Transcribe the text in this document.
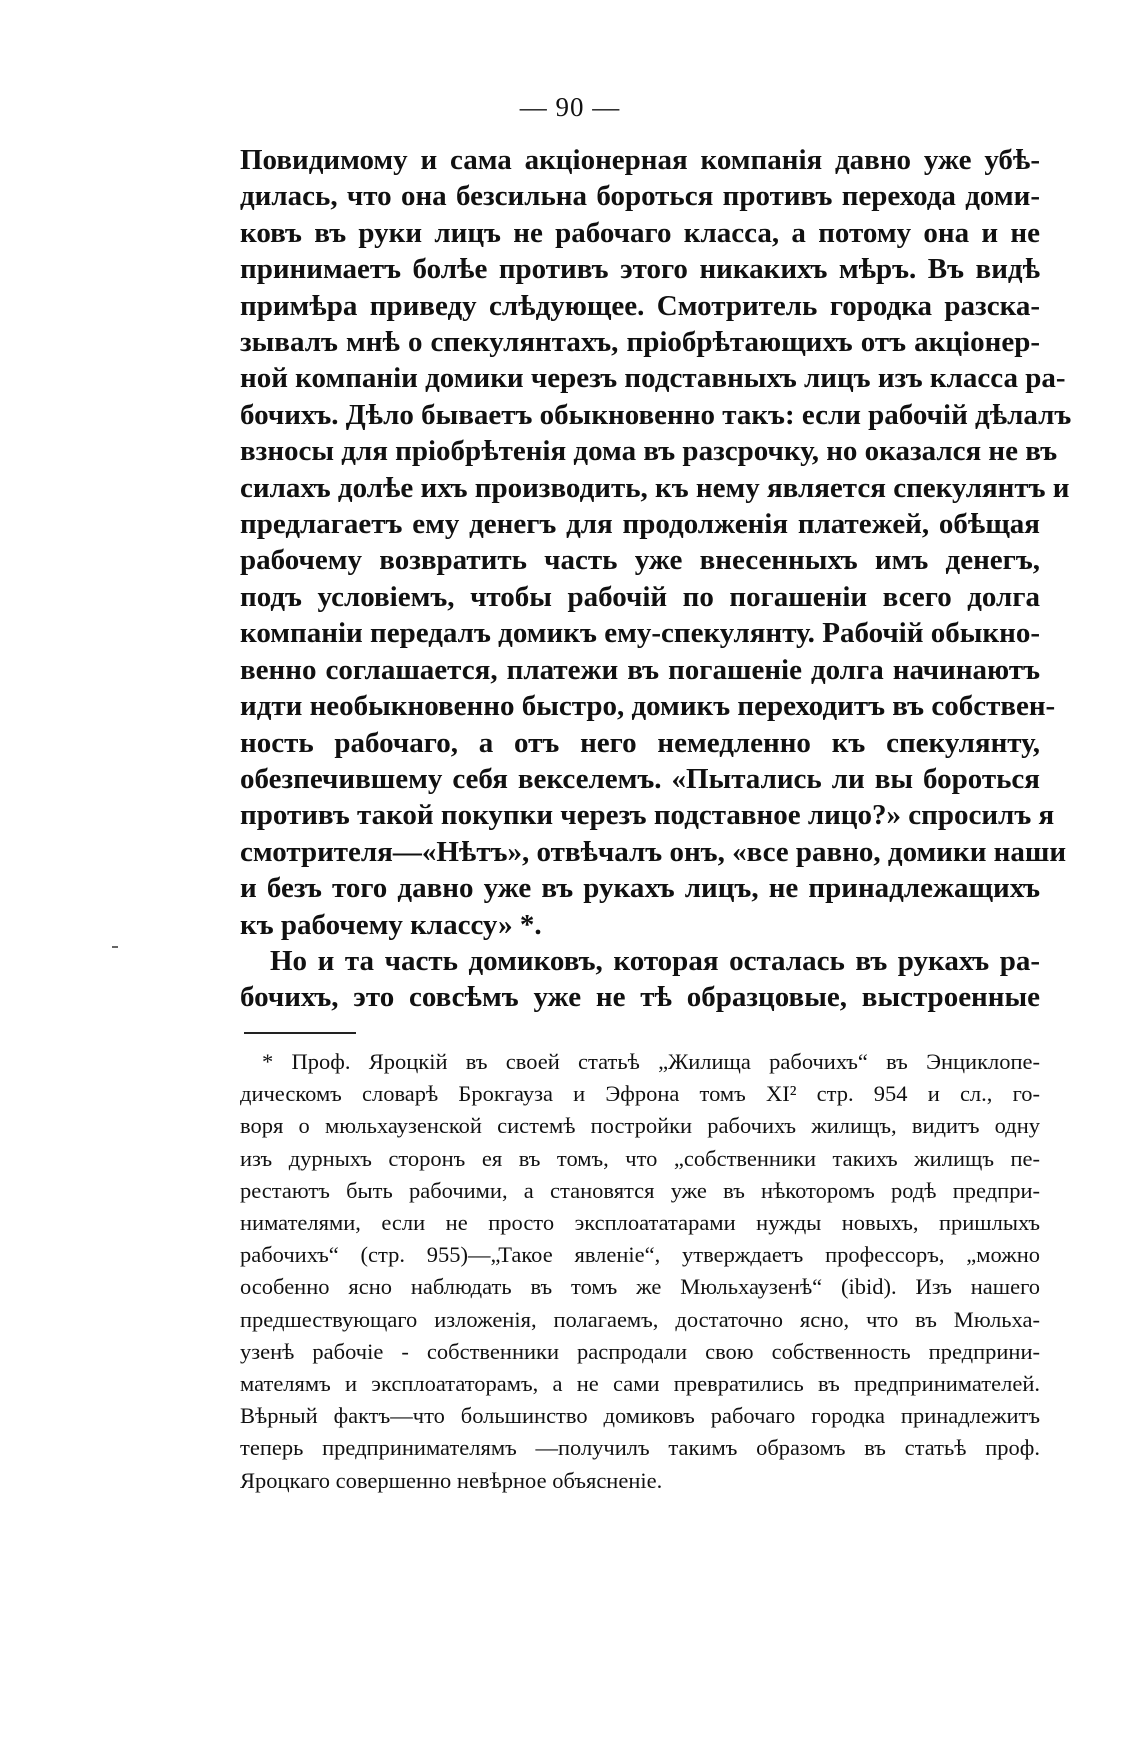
— 90 —
Повидимому и сама акціонерная компанія давно уже убѣ-
дилась, что она безсильна бороться противъ перехода доми-
ковъ въ руки лицъ не рабочаго класса, а потому она и не
принимаетъ болѣе противъ этого никакихъ мѣръ. Въ видѣ
примѣра приведу слѣдующее. Смотритель городка разска-
зывалъ мнѣ о спекулянтахъ, пріобрѣтающихъ отъ акціонер-
ной компаніи домики черезъ подставныхъ лицъ изъ класса ра-
бочихъ. Дѣло бываетъ обыкновенно такъ: если рабочій дѣлалъ
взносы для пріобрѣтенія дома въ разсрочку, но оказался не въ
силахъ долѣе ихъ производить, къ нему является спекулянтъ и
предлагаетъ ему денегъ для продолженія платежей, обѣщая
рабочему возвратить часть уже внесенныхъ имъ денегъ,
подъ условіемъ, чтобы рабочій по погашеніи всего долга
компаніи передалъ домикъ ему-спекулянту. Рабочій обыкно-
венно соглашается, платежи въ погашеніе долга начинаютъ
идти необыкновенно быстро, домикъ переходитъ въ собствен-
ность рабочаго, а отъ него немедленно къ спекулянту,
обезпечившему себя векселемъ. «Пытались ли вы бороться
противъ такой покупки черезъ подставное лицо?» спросилъ я
смотрителя—«Нѣтъ», отвѣчалъ онъ, «все равно, домики наши
и безъ того давно уже въ рукахъ лицъ, не принадлежащихъ
къ рабочему классу» *.
Но и та часть домиковъ, которая осталась въ рукахъ ра-
бочихъ, это совсѣмъ уже не тѣ образцовые, выстроенные
* Проф. Яроцкій въ своей статьѣ „Жилища рабочихъ“ въ Энциклопе-
дическомъ словарѣ Брокгауза и Эфрона томъ XI² стр. 954 и сл., го-
воря о мюльхаузенской системѣ постройки рабочихъ жилищъ, видитъ одну
изъ дурныхъ сторонъ ея въ томъ, что „собственники такихъ жилищъ пе-
рестаютъ быть рабочими, а становятся уже въ нѣкоторомъ родѣ предпри-
нимателями, если не просто эксплоататарами нужды новыхъ, пришлыхъ
рабочихъ“ (стр. 955)—„Такое явленіе“, утверждаетъ профессоръ, „можно
особенно ясно наблюдать въ томъ же Мюльхаузенѣ“ (ibid). Изъ нашего
предшествующаго изложенія, полагаемъ, достаточно ясно, что въ Мюльха-
узенѣ рабочіе - собственники распродали свою собственность предприни-
мателямъ и эксплоататорамъ, а не сами превратились въ предпринимателей.
Вѣрный фактъ—что большинство домиковъ рабочаго городка принадлежитъ
теперь предпринимателямъ —получилъ такимъ образомъ въ статьѣ проф.
Яроцкаго совершенно невѣрное объясненіе.
